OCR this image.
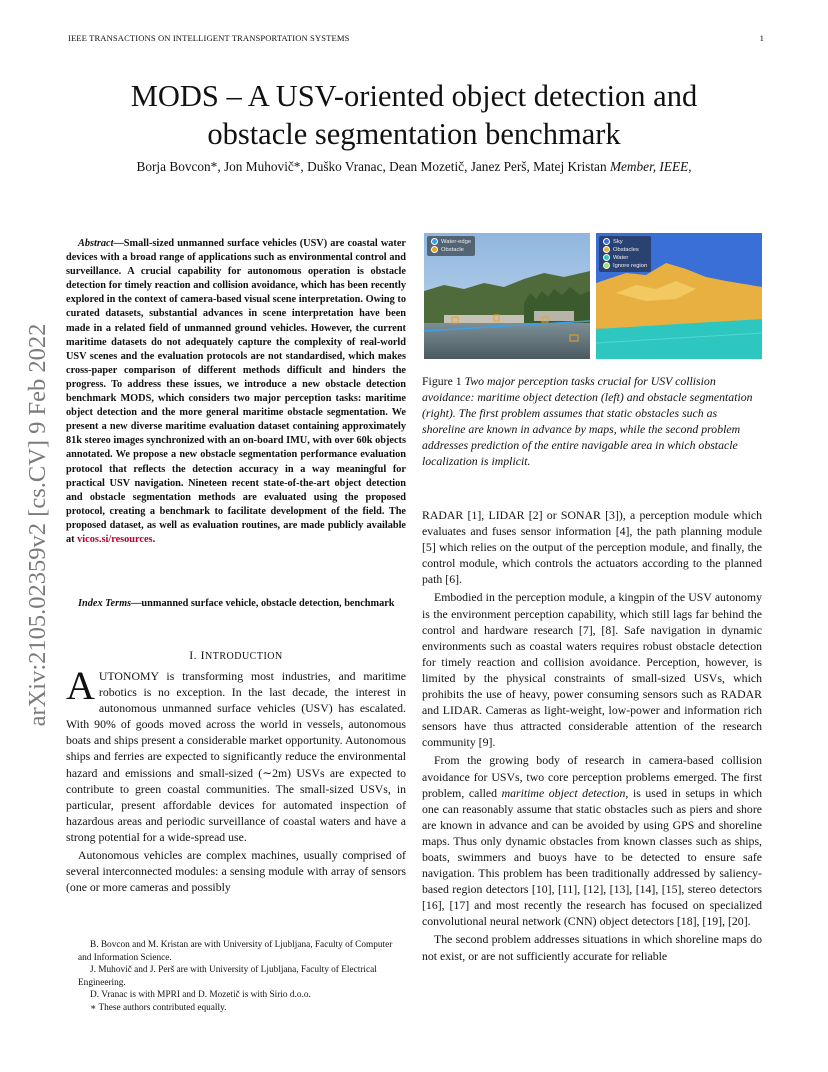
IEEE TRANSACTIONS ON INTELLIGENT TRANSPORTATION SYSTEMS	1
arXiv:2105.02359v2 [cs.CV] 9 Feb 2022
MODS – A USV-oriented object detection and
obstacle segmentation benchmark
Borja Bovcon*, Jon Muhovič*, Duško Vranac, Dean Mozetič, Janez Perš, Matej Kristan Member, IEEE,
Abstract—Small-sized unmanned surface vehicles (USV) are coastal water devices with a broad range of applications such as environmental control and surveillance. A crucial capability for autonomous operation is obstacle detection for timely reaction and collision avoidance, which has been recently explored in the context of camera-based visual scene interpretation. Owing to curated datasets, substantial advances in scene interpretation have been made in a related field of unmanned ground vehicles. However, the current maritime datasets do not adequately capture the complexity of real-world USV scenes and the evaluation protocols are not standardised, which makes cross-paper comparison of different methods difficult and hinders the progress. To address these issues, we introduce a new obstacle detection benchmark MODS, which considers two major perception tasks: maritime object detection and the more general maritime obstacle segmentation. We present a new diverse maritime evaluation dataset containing approximately 81k stereo images synchronized with an on-board IMU, with over 60k objects annotated. We propose a new obstacle segmentation performance evaluation protocol that reflects the detection accuracy in a way meaningful for practical USV navigation. Nineteen recent state-of-the-art object detection and obstacle segmentation methods are evaluated using the proposed protocol, creating a benchmark to facilitate development of the field. The proposed dataset, as well as evaluation routines, are made publicly available at vicos.si/resources.
Index Terms—unmanned surface vehicle, obstacle detection, benchmark
I. INTRODUCTION

AUTONOMY is transforming most industries, and maritime robotics is no exception. In the last decade, the interest in autonomous unmanned surface vehicles (USV) has escalated. With 90% of goods moved across the world in vessels, autonomous boats and ships present a considerable market opportunity. Autonomous ships and ferries are expected to significantly reduce the environmental hazard and emissions and small-sized (∼2m) USVs are expected to contribute to green coastal communities. The small-sized USVs, in particular, present affordable devices for automated inspection of hazardous areas and periodic surveillance of coastal waters and have a strong potential for a wide-spread use.

Autonomous vehicles are complex machines, usually comprised of several interconnected modules: a sensing module with array of sensors (one or more cameras and possibly

B. Bovcon and M. Kristan are with University of Ljubljana, Faculty of Computer and Information Science.
J. Muhovič and J. Perš are with University of Ljubljana, Faculty of Electrical Engineering.
D. Vranac is with MPRI and D. Mozetič is with Sirio d.o.o.
∗ These authors contributed equally.
Water-edge
Obstacle
Sky
Obstacles
Water
Ignore region
Figure 1 Two major perception tasks crucial for USV collision avoidance: maritime object detection (left) and obstacle segmentation (right). The first problem assumes that static obstacles such as shoreline are known in advance by maps, while the second problem addresses prediction of the entire navigable area in which obstacle localization is implicit.

RADAR [1], LIDAR [2] or SONAR [3]), a perception module which evaluates and fuses sensor information [4], the path planning module [5] which relies on the output of the perception module, and finally, the control module, which controls the actuators according to the planned path [6].

Embodied in the perception module, a kingpin of the USV autonomy is the environment perception capability, which still lags far behind the control and hardware research [7], [8]. Safe navigation in dynamic environments such as coastal waters requires robust obstacle detection for timely reaction and collision avoidance. Perception, however, is limited by the physical constraints of small-sized USVs, which prohibits the use of heavy, power consuming sensors such as RADAR and LIDAR. Cameras as light-weight, low-power and information rich sensors have thus attracted considerable attention of the research community [9].

From the growing body of research in camera-based collision avoidance for USVs, two core perception problems emerged. The first problem, called maritime object detection, is used in setups in which one can reasonably assume that static obstacles such as piers and shore are known in advance and can be avoided by using GPS and shoreline maps. Thus only dynamic obstacles from known classes such as ships, boats, swimmers and buoys have to be detected to ensure safe navigation. This problem has been traditionally addressed by saliency-based region detectors [10], [11], [12], [13], [14], [15], stereo detectors [16], [17] and most recently the research has focused on specialized convolutional neural network (CNN) object detectors [18], [19], [20].

The second problem addresses situations in which shoreline maps do not exist, or are not sufficiently accurate for reliable
